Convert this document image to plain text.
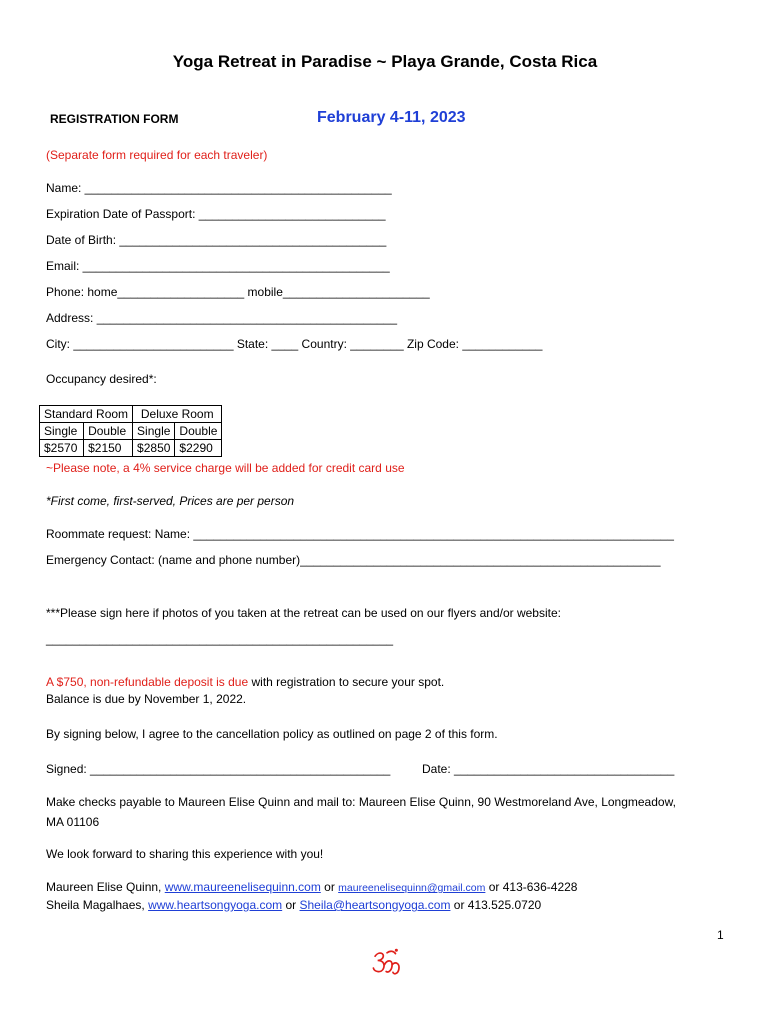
Yoga Retreat in Paradise ~ Playa Grande, Costa Rica
REGISTRATION FORM	February 4-11, 2023
(Separate form required for each traveler)
Name: ______________________________________________
Expiration Date of Passport: ____________________________
Date of Birth: ________________________________________
Email: ______________________________________________
Phone: home___________________ mobile______________________
Address: _____________________________________________
City: ________________________ State: ____ Country: ________ Zip Code: ____________
Occupancy desired*:
Standard Room		Deluxe Room	
Single	Double	Single	Double
$2570	$2150	$2850	$2290
~Please note, a 4% service charge will be added for credit card use
*First come, first-served, Prices are per person
Roommate request: Name: ________________________________________________________________________
Emergency Contact: (name and phone number)______________________________________________________
***Please sign here if photos of you taken at the retreat can be used on our flyers and/or website:
____________________________________________________
A $750, non-refundable deposit is due with registration to secure your spot.
Balance is due by November 1, 2022.
By signing below, I agree to the cancellation policy as outlined on page 2 of this form.
Signed: _____________________________________________	Date: _________________________________
Make checks payable to Maureen Elise Quinn and mail to: Maureen Elise Quinn, 90 Westmoreland Ave, Longmeadow,
MA 01106
We look forward to sharing this experience with you!
Maureen Elise Quinn, www.maureenelisequinn.com or maureenelisequinn@gmail.com or 413-636-4228
Sheila Magalhaes, www.heartsongyoga.com or Sheila@heartsongyoga.com or 413.525.0720
1
